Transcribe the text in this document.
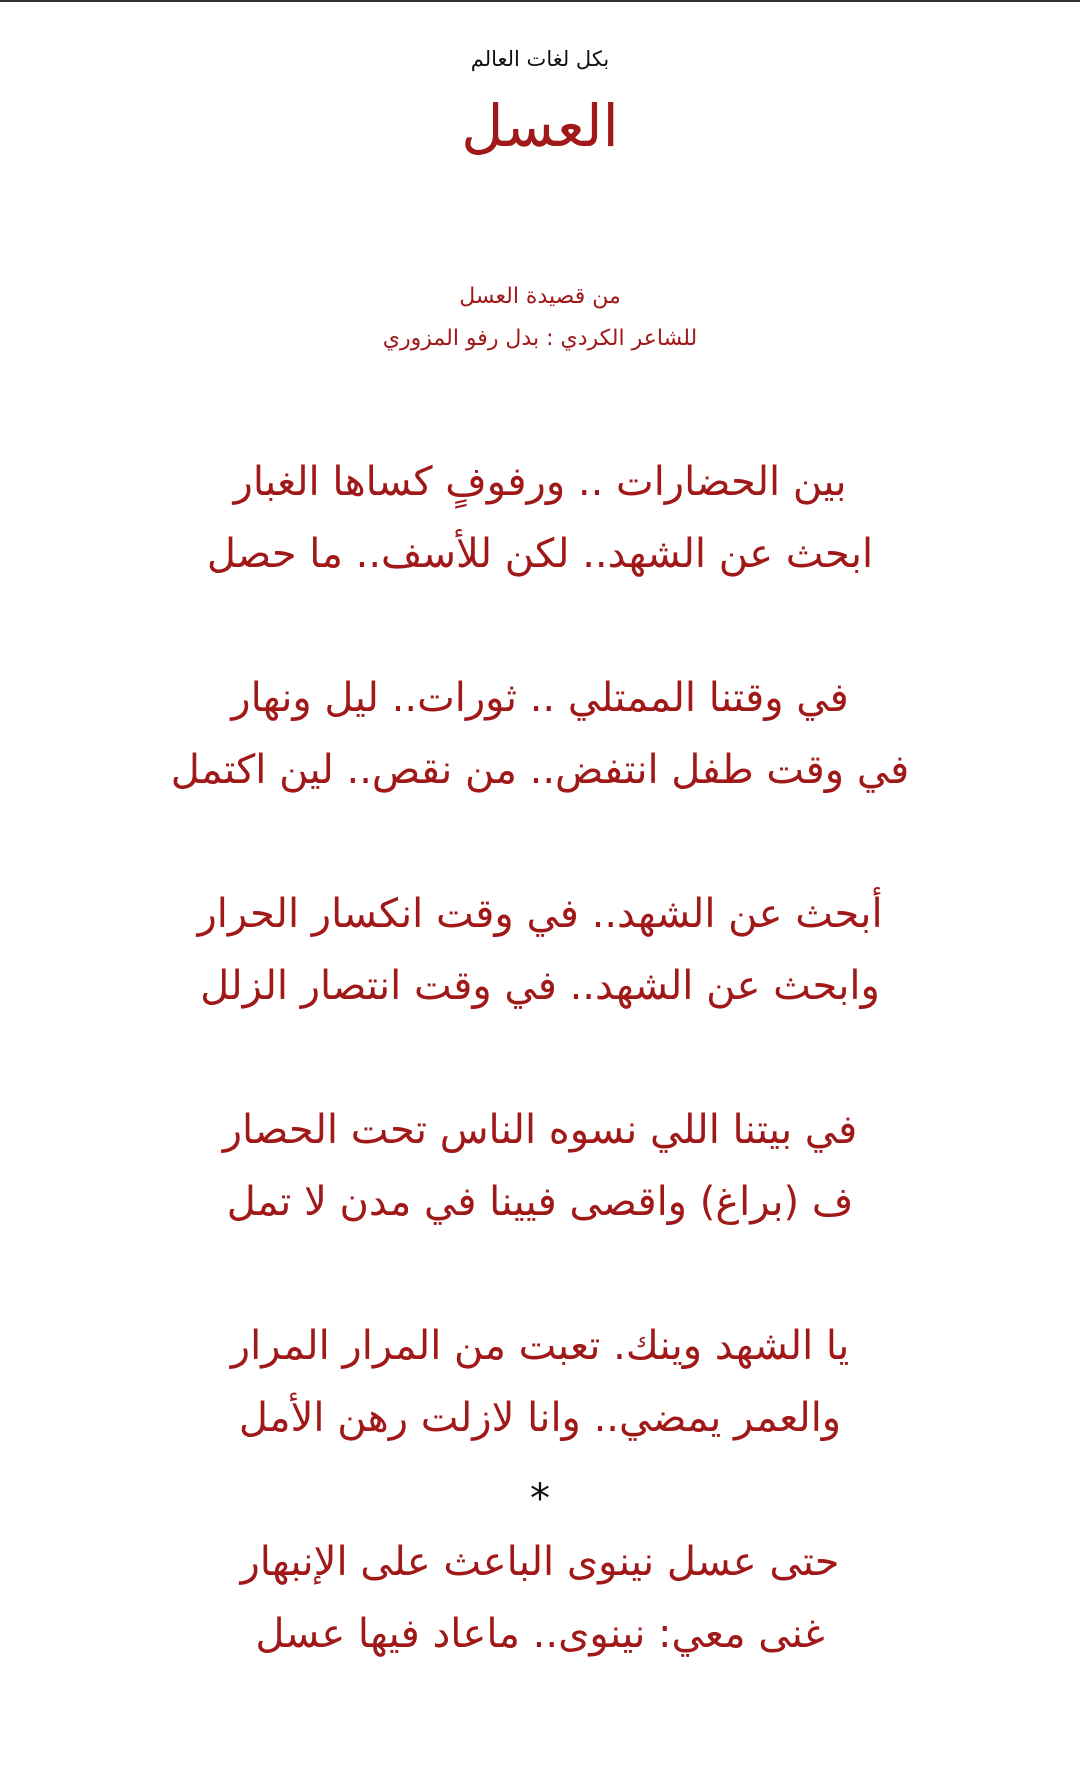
بكل لغات العالم
العسل
من قصيدة العسل
للشاعر الكردي : بدل رفو المزوري
بين الحضارات .. ورفوفٍ كساها الغبار
ابحث عن الشهد.. لكن للأسف.. ما حصل
في وقتنا الممتلي .. ثورات.. ليل ونهار
في وقت طفل انتفض.. من نقص.. لين اكتمل
أبحث عن الشهد.. في وقت انكسار الحرار
وابحث عن الشهد.. في وقت انتصار الزلل
في بيتنا اللي نسوه الناس تحت الحصار
ف (براغ) واقصى فيينا في مدن لا تمل
يا الشهد وينك. تعبت من المرار المرار
والعمر يمضي.. وانا لازلت رهن الأمل
*
حتى عسل نينوى الباعث على الإنبهار
غنى معي: نينوى.. ماعاد فيها عسل
